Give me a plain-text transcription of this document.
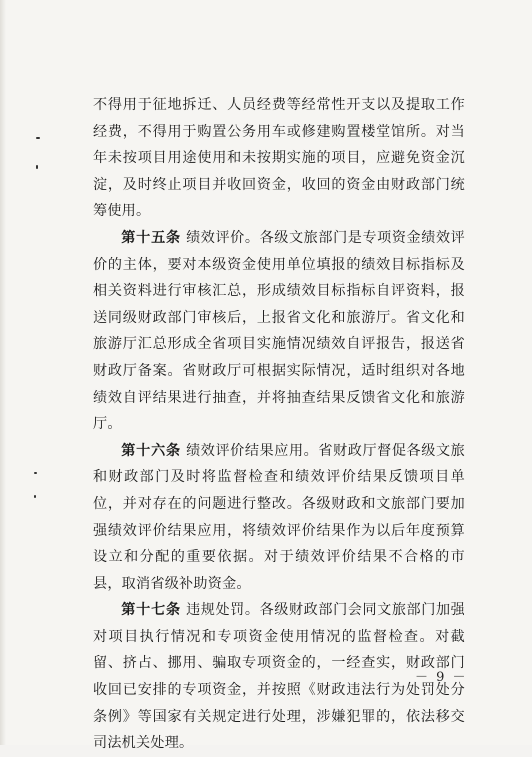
不得用于征地拆迁、人员经费等经常性开支以及提取工作经费，不得用于购置公务用车或修建购置楼堂馆所。对当年未按项目用途使用和未按期实施的项目，应避免资金沉淀，及时终止项目并收回资金，收回的资金由财政部门统筹使用。

第十五条 绩效评价。各级文旅部门是专项资金绩效评价的主体，要对本级资金使用单位填报的绩效目标指标及相关资料进行审核汇总，形成绩效目标指标自评资料，报送同级财政部门审核后，上报省文化和旅游厅。省文化和旅游厅汇总形成全省项目实施情况绩效自评报告，报送省财政厅备案。省财政厅可根据实际情况，适时组织对各地绩效自评结果进行抽查，并将抽查结果反馈省文化和旅游厅。

第十六条 绩效评价结果应用。省财政厅督促各级文旅和财政部门及时将监督检查和绩效评价结果反馈项目单位，并对存在的问题进行整改。各级财政和文旅部门要加强绩效评价结果应用，将绩效评价结果作为以后年度预算设立和分配的重要依据。对于绩效评价结果不合格的市县，取消省级补助资金。

第十七条 违规处罚。各级财政部门会同文旅部门加强对项目执行情况和专项资金使用情况的监督检查。对截留、挤占、挪用、骗取专项资金的，一经查实，财政部门收回已安排的专项资金，并按照《财政违法行为处罚处分条例》等国家有关规定进行处理，涉嫌犯罪的，依法移交司法机关处理。

－ 9 －
